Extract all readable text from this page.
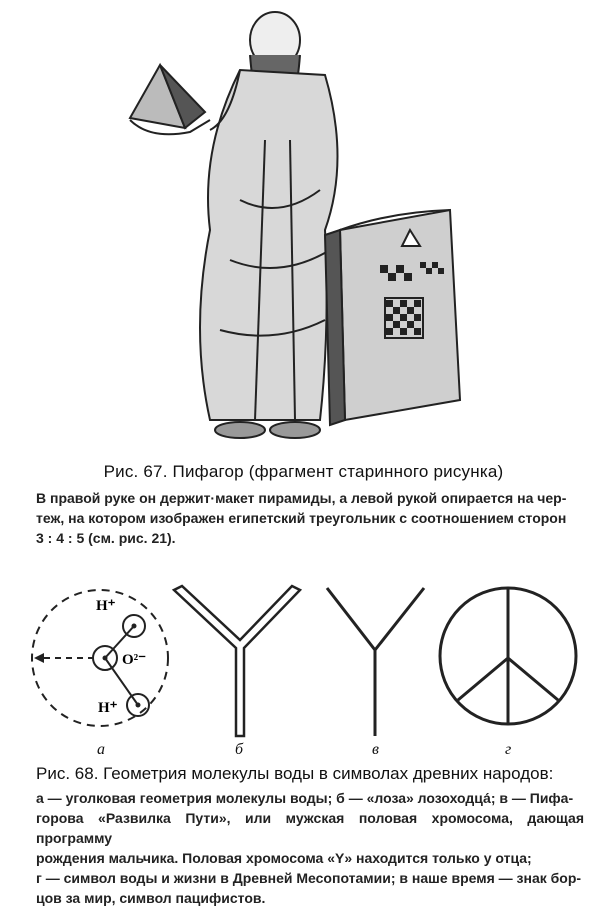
Рис. 67. Пифагор (фрагмент старинного рисунка)
В правой руке он держит·макет пирамиды, а левой рукой опирается на чер-
теж, на котором изображен египетский треугольник с соотношением сторон
3 : 4 : 5 (см. рис. 21).
H⁺
O²⁻
H⁺
а	б	в	г
Рис. 68. Геометрия молекулы воды в символах древних народов:
а — уголковая геометрия молекулы воды; б — «лоза» лозоходца́; в — Пифа-
горова «Развилка Пути», или мужская половая хромосома, дающая программу
рождения мальчика. Половая хромосома «Y» находится только у отца;
г — символ воды и жизни в Древней Месопотамии; в наше время — знак бор-
цов за мир, символ пацифистов.
